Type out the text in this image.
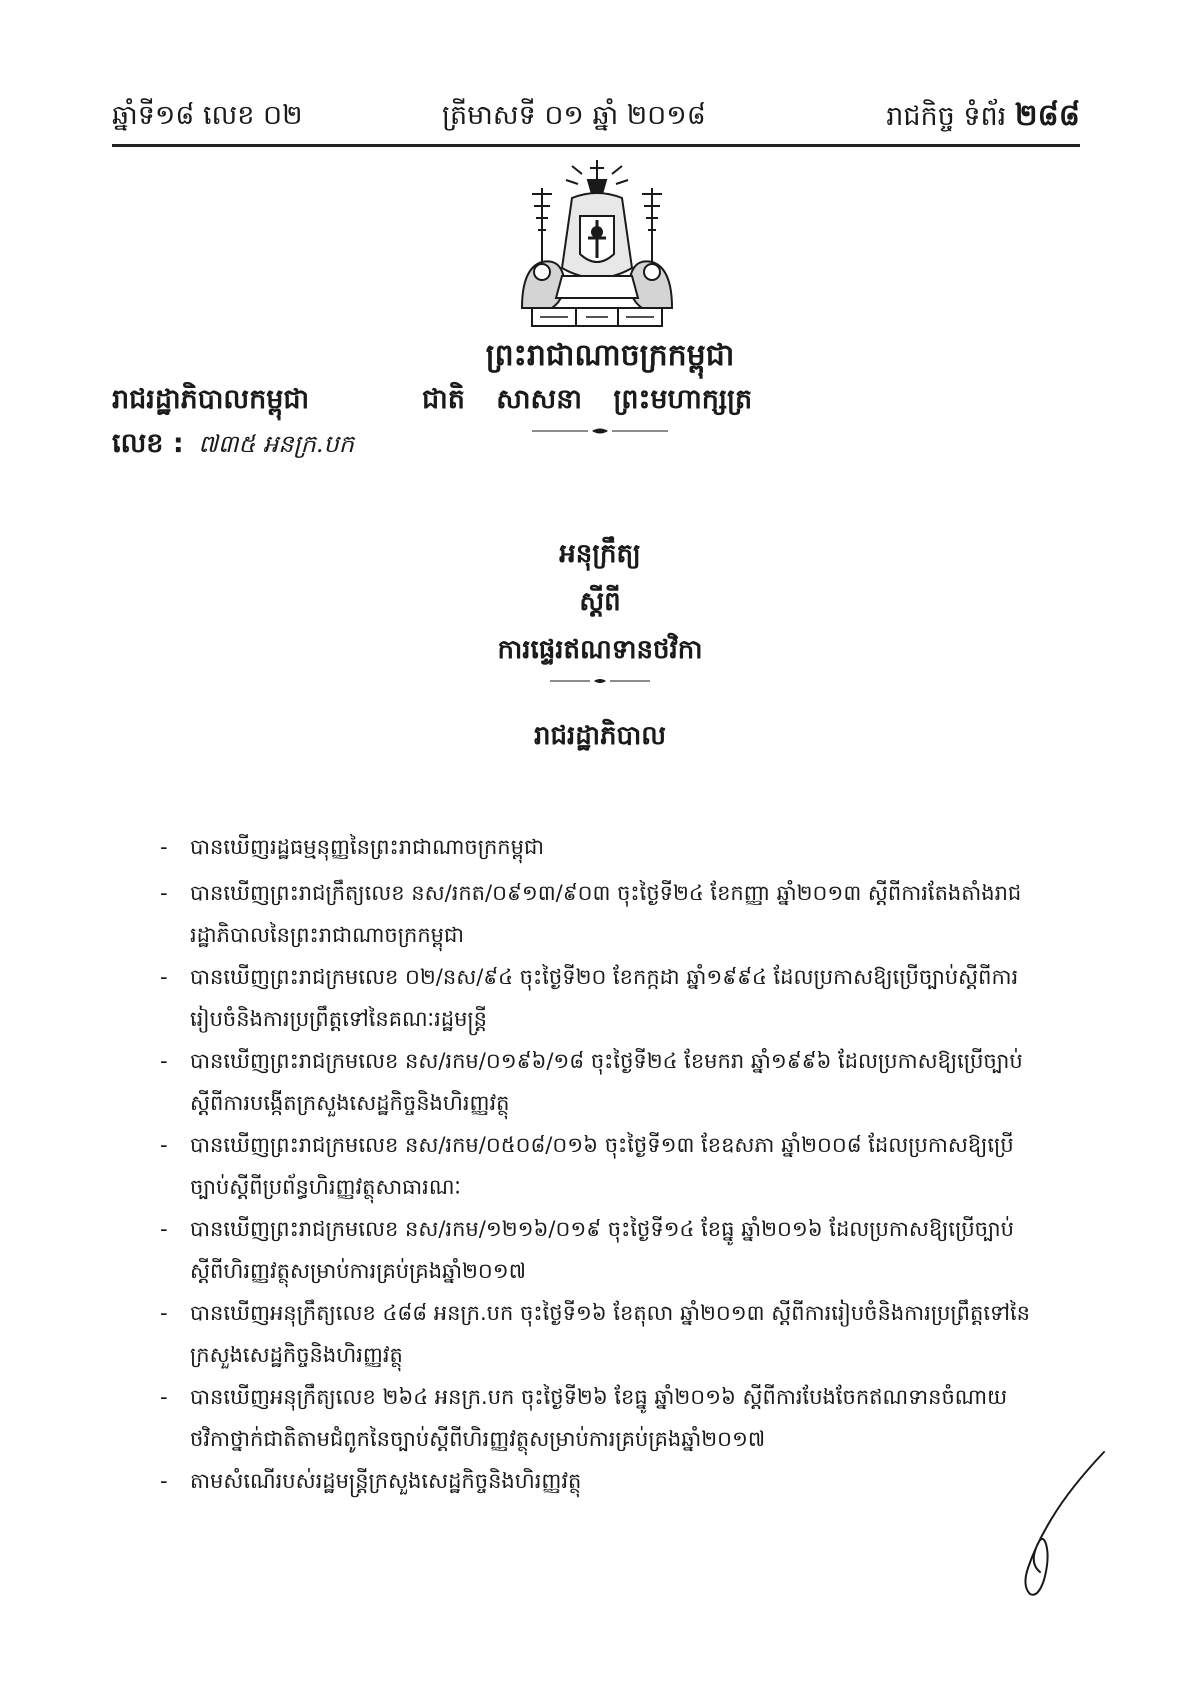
ឆ្នាំទី១៨ លេខ ០២	ត្រីមាសទី ០១ ឆ្នាំ ២០១៨	រាជកិច្ច ទំព័រ ២៨៨
ព្រះរាជាណាចក្រកម្ពុជា
រាជរដ្ឋាភិបាលកម្ពុជា	ជាតិ សាសនា ព្រះមហាក្សត្រ
លេខ : ៧៣៥ អនក្រ.បក
អនុក្រឹត្យ
ស្តីពី
ការផ្ទេរឥណទានថវិកា
រាជរដ្ឋាភិបាល
- បានឃើញរដ្ឋធម្មនុញ្ញនៃព្រះរាជាណាចក្រកម្ពុជា
- បានឃើញព្រះរាជក្រឹត្យលេខ នស/រកត/០៩១៣/៩០៣ ចុះថ្ងៃទី២៤ ខែកញ្ញា ឆ្នាំ២០១៣ ស្តីពីការតែងតាំងរាជរដ្ឋាភិបាលនៃព្រះរាជាណាចក្រកម្ពុជា
- បានឃើញព្រះរាជក្រមលេខ ០២/នស/៩៤ ចុះថ្ងៃទី២០ ខែកក្កដា ឆ្នាំ១៩៩៤ ដែលប្រកាសឱ្យប្រើច្បាប់ស្តីពីការរៀបចំនិងការប្រព្រឹត្តទៅនៃគណៈរដ្ឋមន្ត្រី
- បានឃើញព្រះរាជក្រមលេខ នស/រកម/០១៩៦/១៨ ចុះថ្ងៃទី២៤ ខែមករា ឆ្នាំ១៩៩៦ ដែលប្រកាសឱ្យប្រើច្បាប់ស្តីពីការបង្កើតក្រសួងសេដ្ឋកិច្ចនិងហិរញ្ញវត្ថុ
- បានឃើញព្រះរាជក្រមលេខ នស/រកម/០៥០៨/០១៦ ចុះថ្ងៃទី១៣ ខែឧសភា ឆ្នាំ២០០៨ ដែលប្រកាសឱ្យប្រើច្បាប់ស្តីពីប្រព័ន្ធហិរញ្ញវត្ថុសាធារណៈ
- បានឃើញព្រះរាជក្រមលេខ នស/រកម/១២១៦/០១៩ ចុះថ្ងៃទី១៤ ខែធ្នូ ឆ្នាំ២០១៦ ដែលប្រកាសឱ្យប្រើច្បាប់ស្តីពីហិរញ្ញវត្ថុសម្រាប់ការគ្រប់គ្រងឆ្នាំ២០១៧
- បានឃើញអនុក្រឹត្យលេខ ៤៨៨ អនក្រ.បក ចុះថ្ងៃទី១៦ ខែតុលា ឆ្នាំ២០១៣ ស្តីពីការរៀបចំនិងការប្រព្រឹត្តទៅនៃក្រសួងសេដ្ឋកិច្ចនិងហិរញ្ញវត្ថុ
- បានឃើញអនុក្រឹត្យលេខ ២៦៤ អនក្រ.បក ចុះថ្ងៃទី២៦ ខែធ្នូ ឆ្នាំ២០១៦ ស្តីពីការបែងចែកឥណទានចំណាយថវិកាថ្នាក់ជាតិតាមជំពូកនៃច្បាប់ស្តីពីហិរញ្ញវត្ថុសម្រាប់ការគ្រប់គ្រងឆ្នាំ២០១៧
- តាមសំណើរបស់រដ្ឋមន្ត្រីក្រសួងសេដ្ឋកិច្ចនិងហិរញ្ញវត្ថុ
